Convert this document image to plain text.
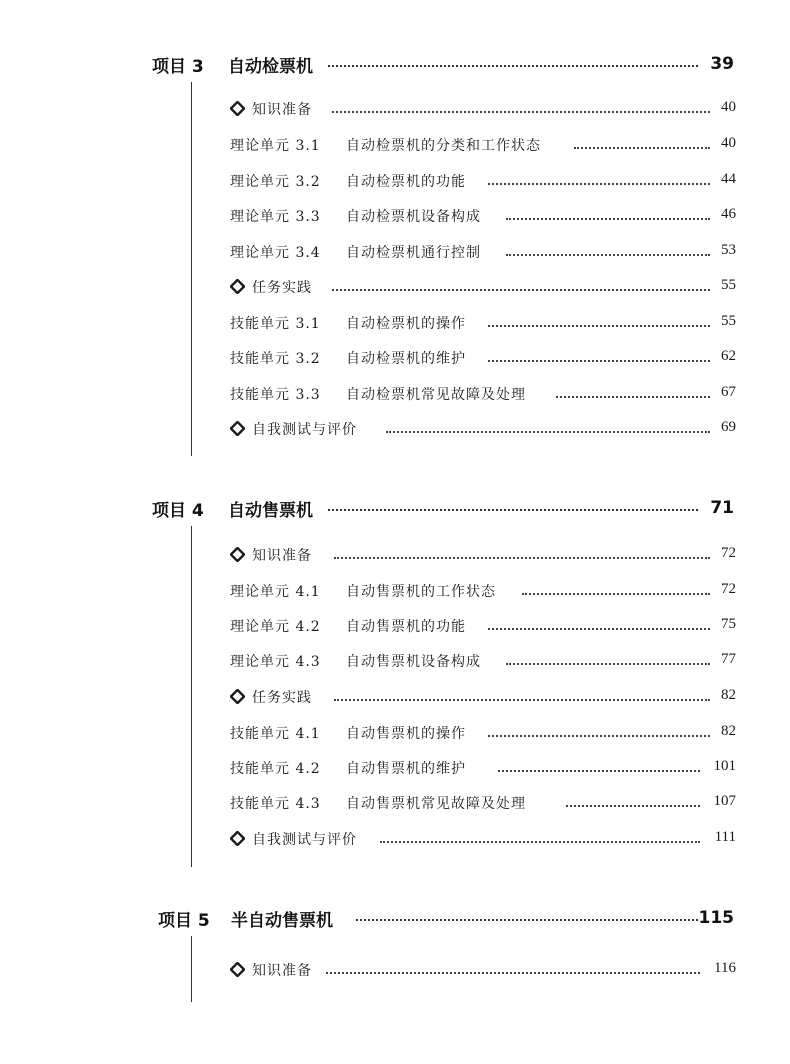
项目 3 自动检票机	39
知识准备	40
理论单元 3.1 自动检票机的分类和工作状态	40
理论单元 3.2 自动检票机的功能	44
理论单元 3.3 自动检票机设备构成	46
理论单元 3.4 自动检票机通行控制	53
任务实践	55
技能单元 3.1 自动检票机的操作	55
技能单元 3.2 自动检票机的维护	62
技能单元 3.3 自动检票机常见故障及处理	67
自我测试与评价	69
项目 4 自动售票机	71
知识准备	72
理论单元 4.1 自动售票机的工作状态	72
理论单元 4.2 自动售票机的功能	75
理论单元 4.3 自动售票机设备构成	77
任务实践	82
技能单元 4.1 自动售票机的操作	82
技能单元 4.2 自动售票机的维护	101
技能单元 4.3 自动售票机常见故障及处理	107
自我测试与评价	111
项目 5 半自动售票机	115
知识准备	116
